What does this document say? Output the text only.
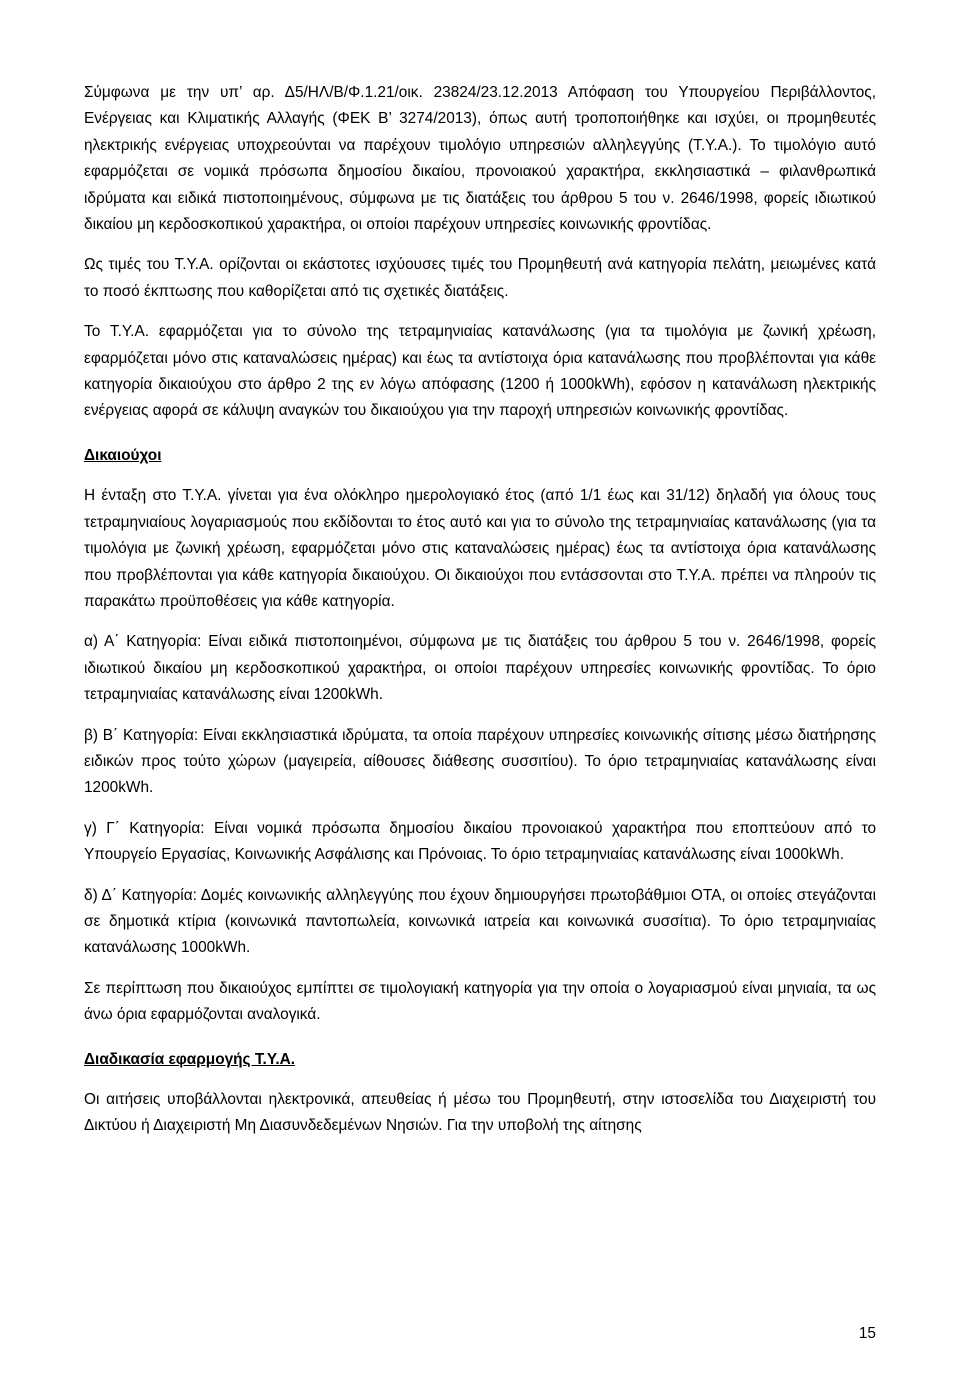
Σύμφωνα με την υπ’ αρ. Δ5/ΗΛ/Β/Φ.1.21/οικ. 23824/23.12.2013 Απόφαση του Υπουργείου Περιβάλλοντος, Ενέργειας και Κλιματικής Αλλαγής (ΦΕΚ Β’ 3274/2013), όπως αυτή τροποποιήθηκε και ισχύει, οι προμηθευτές ηλεκτρικής ενέργειας υποχρεούνται να παρέχουν τιμολόγιο υπηρεσιών αλληλεγγύης (Τ.Υ.Α.). Το τιμολόγιο αυτό εφαρμόζεται σε νομικά πρόσωπα δημοσίου δικαίου, προνοιακού χαρακτήρα, εκκλησιαστικά – φιλανθρωπικά ιδρύματα και ειδικά πιστοποιημένους, σύμφωνα με τις διατάξεις του άρθρου 5 του ν. 2646/1998, φορείς ιδιωτικού δικαίου μη κερδοσκοπικού χαρακτήρα, οι οποίοι παρέχουν υπηρεσίες κοινωνικής φροντίδας.

Ως τιμές του Τ.Υ.Α. ορίζονται οι εκάστοτες ισχύουσες τιμές του Προμηθευτή ανά κατηγορία πελάτη, μειωμένες κατά το ποσό έκπτωσης που καθορίζεται από τις σχετικές διατάξεις.

Το Τ.Υ.Α. εφαρμόζεται για το σύνολο της τετραμηνιαίας κατανάλωσης (για τα τιμολόγια με ζωνική χρέωση, εφαρμόζεται μόνο στις καταναλώσεις ημέρας) και έως τα αντίστοιχα όρια κατανάλωσης που προβλέπονται για κάθε κατηγορία δικαιούχου στο άρθρο 2 της εν λόγω απόφασης (1200 ή 1000kWh), εφόσον η κατανάλωση ηλεκτρικής ενέργειας αφορά σε κάλυψη αναγκών του δικαιούχου για την παροχή υπηρεσιών κοινωνικής φροντίδας.

Δικαιούχοι

Η ένταξη στο Τ.Υ.Α. γίνεται για ένα ολόκληρο ημερολογιακό έτος (από 1/1 έως και 31/12) δηλαδή για όλους τους τετραμηνιαίους λογαριασμούς που εκδίδονται το έτος αυτό και για το σύνολο της τετραμηνιαίας κατανάλωσης (για τα τιμολόγια με ζωνική χρέωση, εφαρμόζεται μόνο στις καταναλώσεις ημέρας) έως τα αντίστοιχα όρια κατανάλωσης που προβλέπονται για κάθε κατηγορία δικαιούχου. Οι δικαιούχοι που εντάσσονται στο Τ.Υ.Α. πρέπει να πληρούν τις παρακάτω προϋποθέσεις για κάθε κατηγορία.

α) Α΄ Κατηγορία: Είναι ειδικά πιστοποιημένοι, σύμφωνα με τις διατάξεις του άρθρου 5 του ν. 2646/1998, φορείς ιδιωτικού δικαίου μη κερδοσκοπικού χαρακτήρα, οι οποίοι παρέχουν υπηρεσίες κοινωνικής φροντίδας. Το όριο τετραμηνιαίας κατανάλωσης είναι 1200kWh.

β) Β΄ Κατηγορία: Είναι εκκλησιαστικά ιδρύματα, τα οποία παρέχουν υπηρεσίες κοινωνικής σίτισης μέσω διατήρησης ειδικών προς τούτο χώρων (μαγειρεία, αίθουσες διάθεσης συσσιτίου). Το όριο τετραμηνιαίας κατανάλωσης είναι 1200kWh.

γ) Γ΄ Κατηγορία: Είναι νομικά πρόσωπα δημοσίου δικαίου προνοιακού χαρακτήρα που εποπτεύουν από το Υπουργείο Εργασίας, Κοινωνικής Ασφάλισης και Πρόνοιας. Το όριο τετραμηνιαίας κατανάλωσης είναι 1000kWh.

δ) Δ΄ Κατηγορία: Δομές κοινωνικής αλληλεγγύης που έχουν δημιουργήσει πρωτοβάθμιοι ΟΤΑ, οι οποίες στεγάζονται σε δημοτικά κτίρια (κοινωνικά παντοπωλεία, κοινωνικά ιατρεία και κοινωνικά συσσίτια). Το όριο τετραμηνιαίας κατανάλωσης 1000kWh.

Σε περίπτωση που δικαιούχος εμπίπτει σε τιμολογιακή κατηγορία για την οποία ο λογαριασμού είναι μηνιαία, τα ως άνω όρια εφαρμόζονται αναλογικά.

Διαδικασία εφαρμογής Τ.Υ.Α.

Οι αιτήσεις υποβάλλονται ηλεκτρονικά, απευθείας ή μέσω του Προμηθευτή, στην ιστοσελίδα του Διαχειριστή του Δικτύου ή Διαχειριστή Μη Διασυνδεδεμένων Νησιών. Για την υποβολή της αίτησης

15
